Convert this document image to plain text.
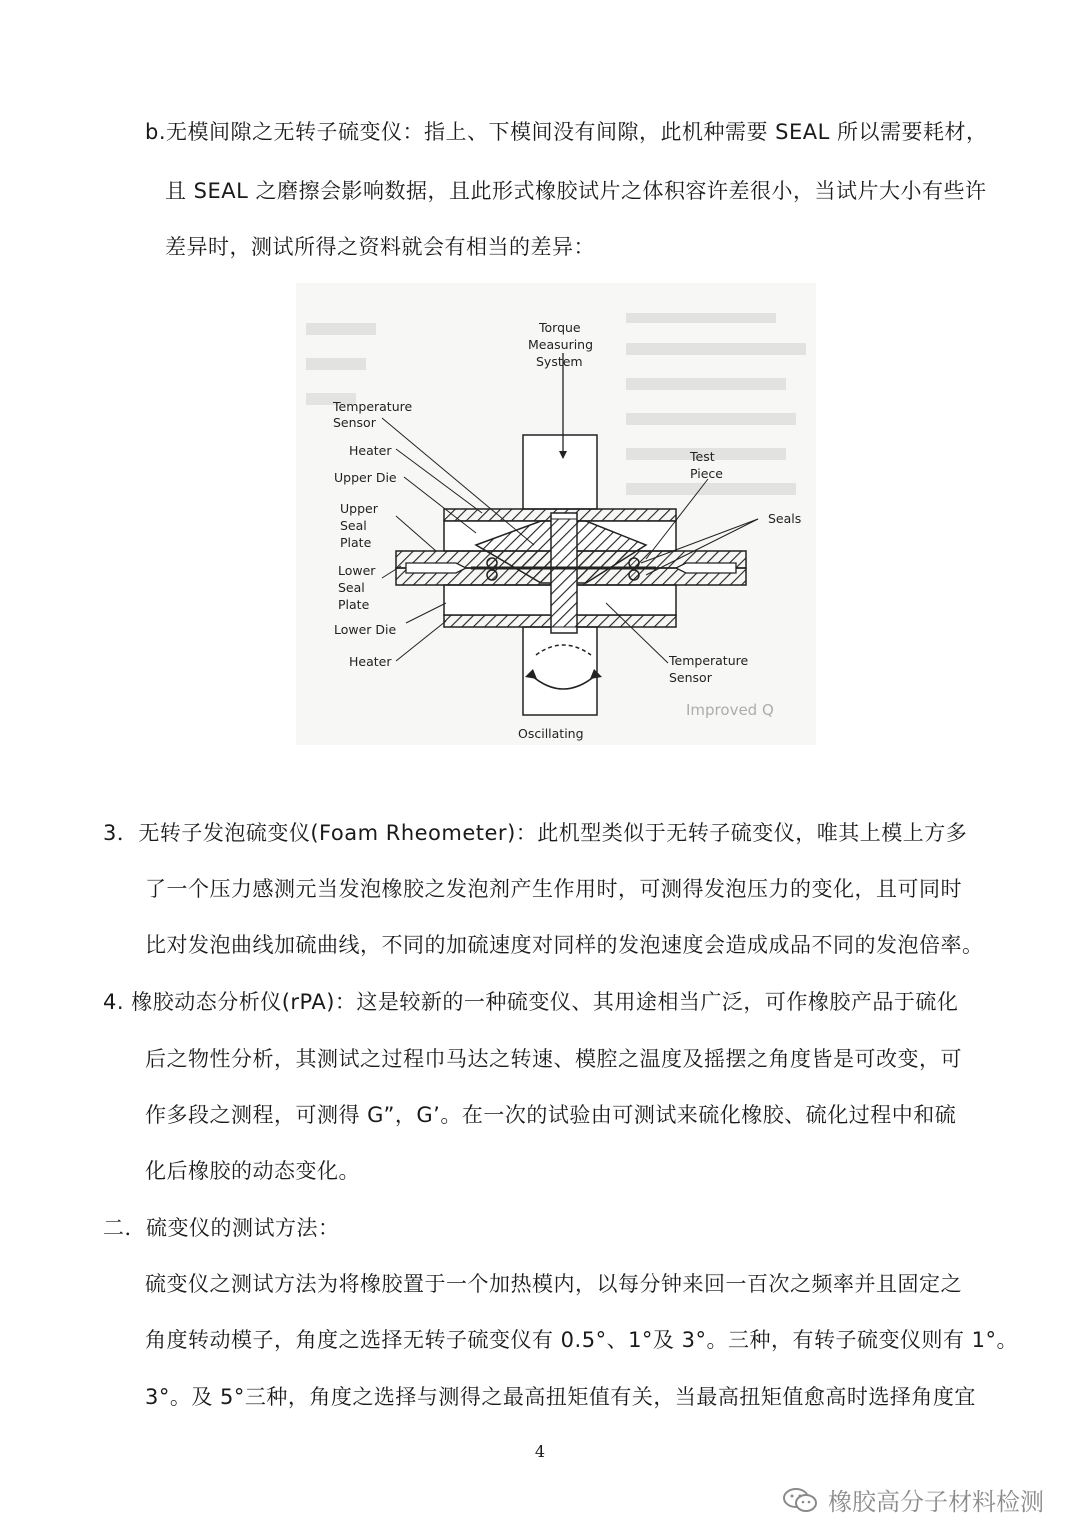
b.无模间隙之无转子硫变仪：指上、下模间没有间隙，此机种需要 SEAL 所以需要耗材，
且 SEAL 之磨擦会影响数据，且此形式橡胶试片之体积容许差很小，当试片大小有些许
差异时，测试所得之资料就会有相当的差异：
Improved Q
Torque
Measuring
System
Temperature
Sensor
Heater
Upper Die
Upper
Seal
Plate
Lower
Seal
Plate
Lower Die
Heater
Test
Piece
Seals
Temperature
Sensor
Oscillating
3．无转子发泡硫变仪(Foam Rheometer)：此机型类似于无转子硫变仪，唯其上模上方多
了一个压力感测元当发泡橡胶之发泡剂产生作用时，可测得发泡压力的变化，且可同时
比对发泡曲线加硫曲线，不同的加硫速度对同样的发泡速度会造成成品不同的发泡倍率。
4. 橡胶动态分析仪(rPA)：这是较新的一种硫变仪、其用途相当广泛，可作橡胶产品于硫化
后之物性分析，其测试之过程巾马达之转速、模腔之温度及摇摆之角度皆是可改变，可
作多段之测程，可测得 G”，G’。在一次的试验由可测试来硫化橡胶、硫化过程中和硫
化后橡胶的动态变化。
二．硫变仪的测试方法：
硫变仪之测试方法为将橡胶置于一个加热模内，以每分钟来回一百次之频率并且固定之
角度转动模子，角度之选择无转子硫变仪有 0.5°、1°及 3°。三种，有转子硫变仪则有 1°。
3°。及 5°三种，角度之选择与测得之最高扭矩值有关，当最高扭矩值愈高时选择角度宜
4
橡胶高分子材料检测
